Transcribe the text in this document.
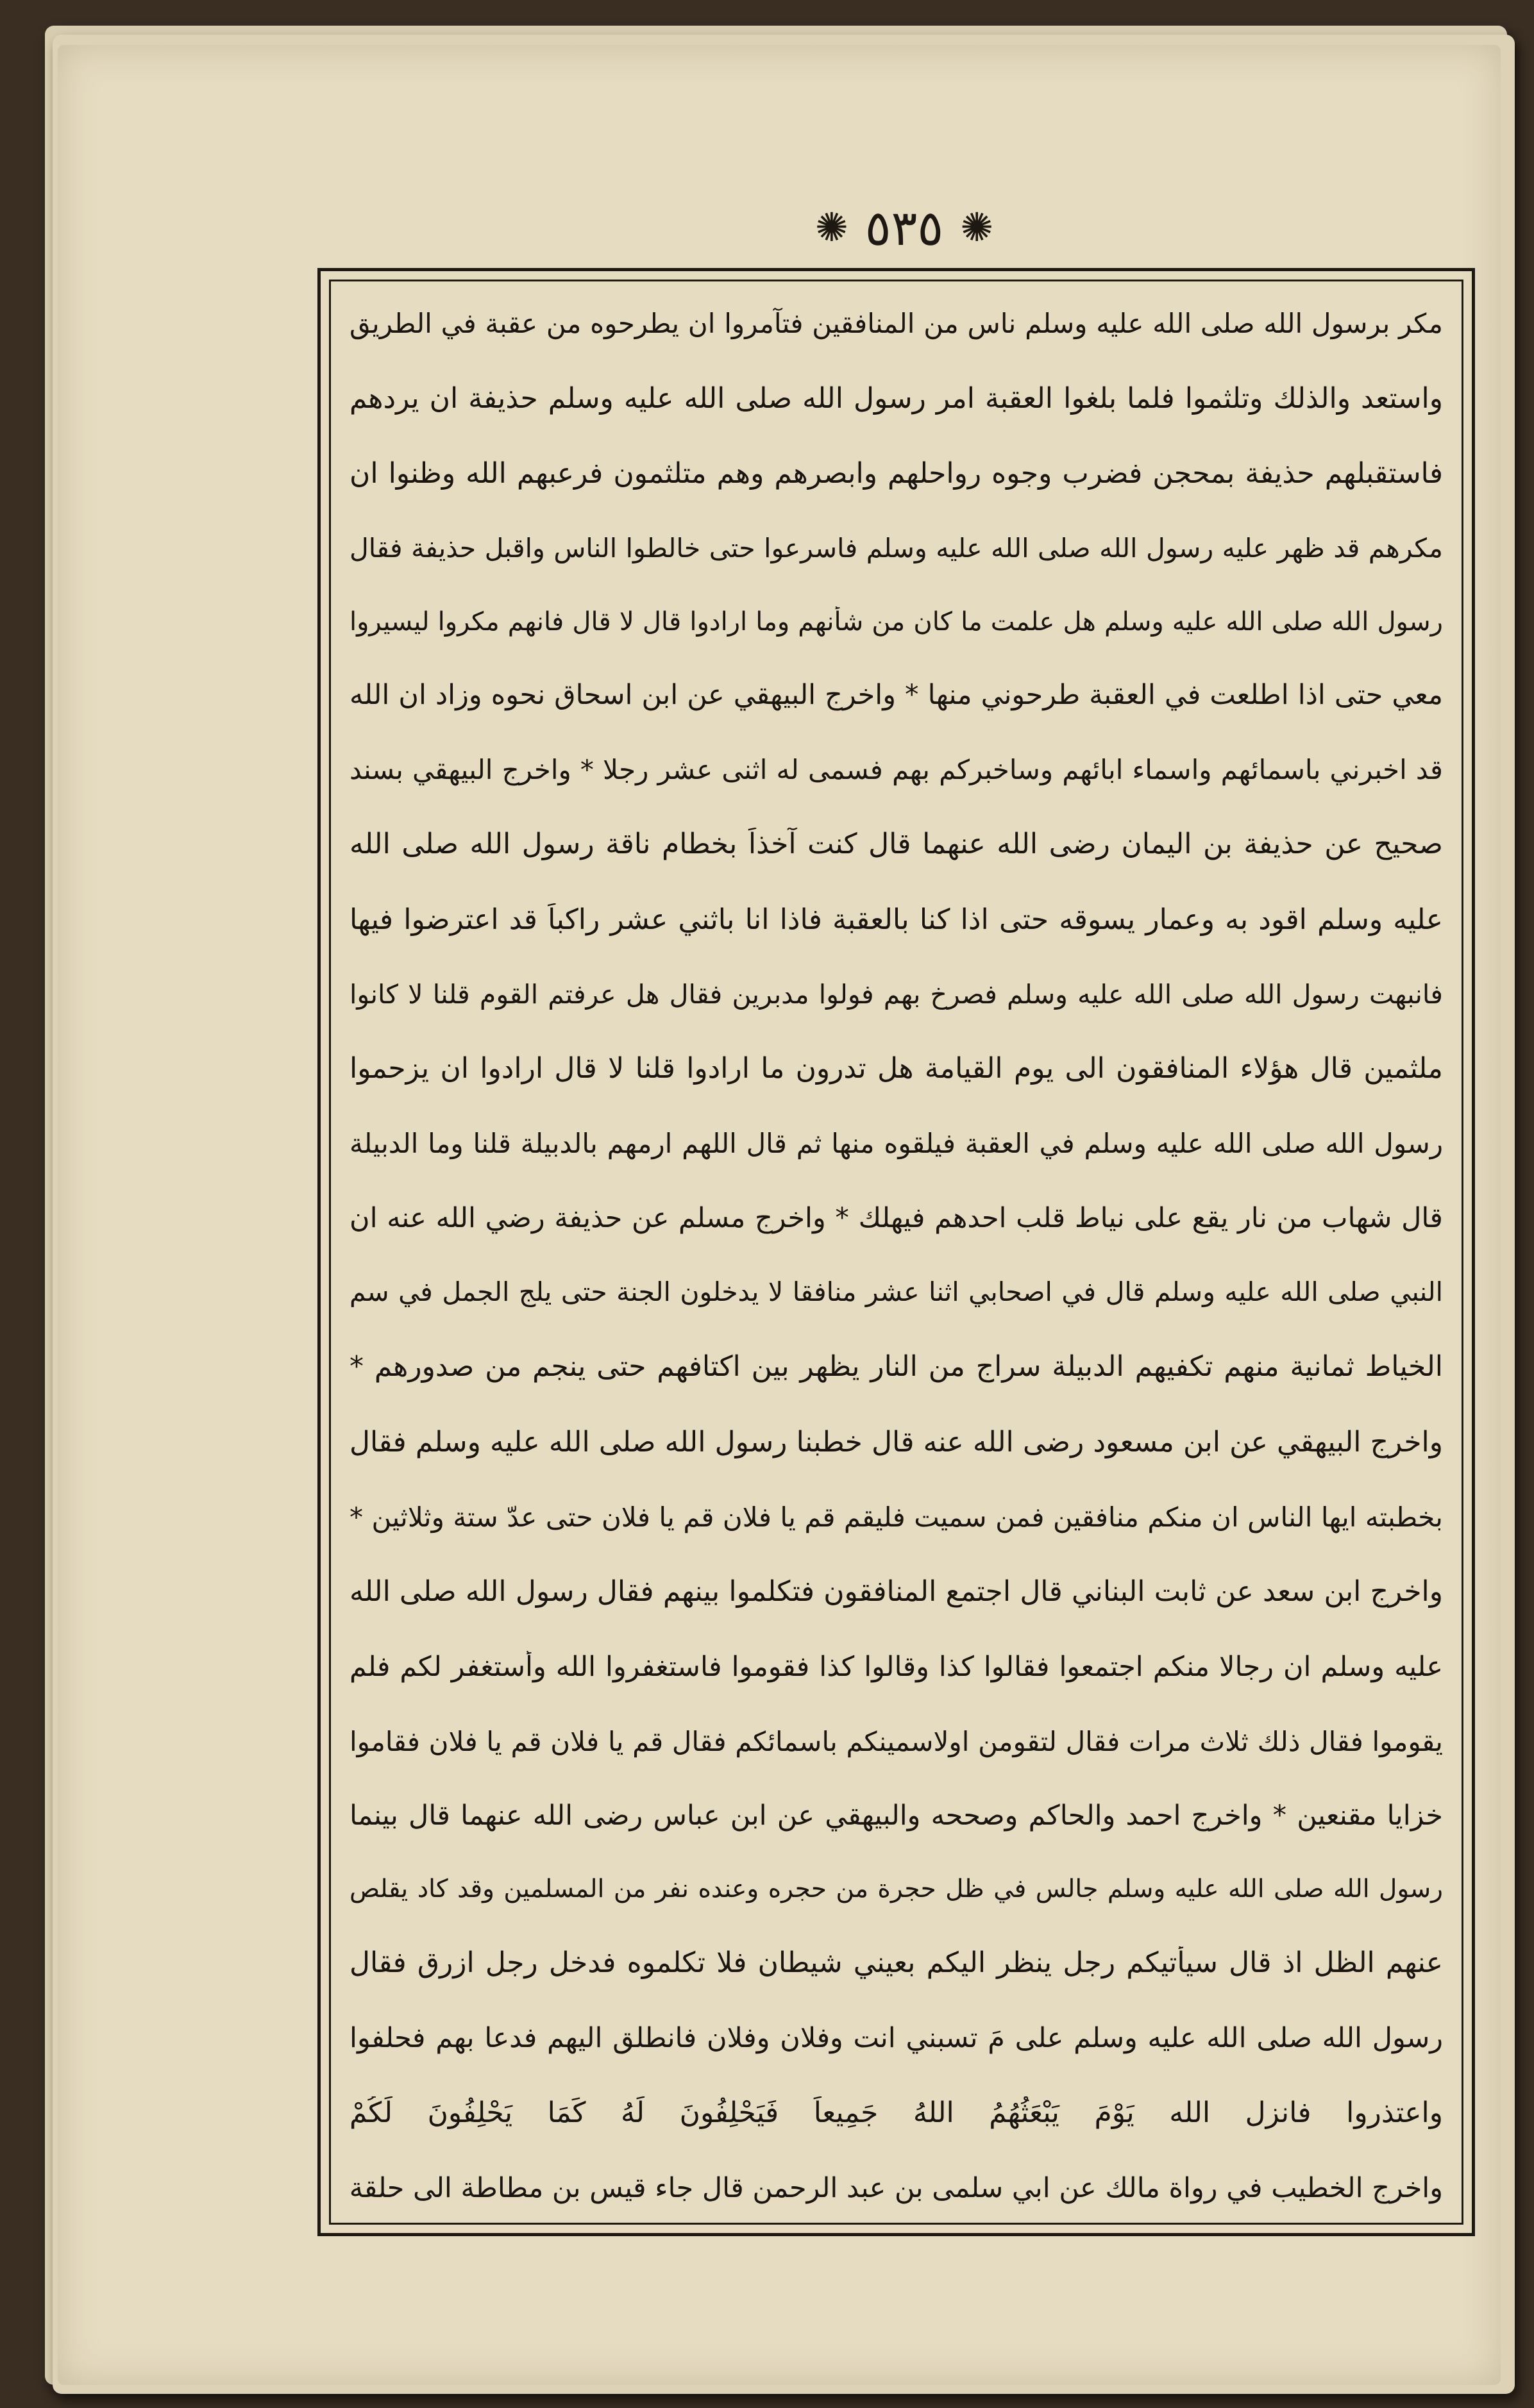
✺ ٥٣٥ ✺
مكر برسول الله صلى الله عليه وسلم ناس من المنافقين فتآمروا ان يطرحوه من عقبة في الطريق
واستعد والذلك وتلثموا فلما بلغوا العقبة امر رسول الله صلى الله عليه وسلم حذيفة ان يردهم
فاستقبلهم حذيفة بمحجن فضرب وجوه رواحلهم وابصرهم وهم متلثمون فرعبهم الله وظنوا ان
مكرهم قد ظهر عليه رسول الله صلى الله عليه وسلم فاسرعوا حتى خالطوا الناس واقبل حذيفة فقال
رسول الله صلى الله عليه وسلم هل علمت ما كان من شأنهم وما ارادوا قال لا قال فانهم مكروا ليسيروا
معي حتى اذا اطلعت في العقبة طرحوني منها * واخرج البيهقي عن ابن اسحاق نحوه وزاد ان الله
قد اخبرني باسمائهم واسماء ابائهم وساخبركم بهم فسمى له اثنى عشر رجلا * واخرج البيهقي بسند
صحيح عن حذيفة بن اليمان رضى الله عنهما قال كنت آخذاً بخطام ناقة رسول الله صلى الله
عليه وسلم اقود به وعمار يسوقه حتى اذا كنا بالعقبة فاذا انا باثني عشر راكباً قد اعترضوا فيها
فانبهت رسول الله صلى الله عليه وسلم فصرخ بهم فولوا مدبرين فقال هل عرفتم القوم قلنا لا كانوا
ملثمين قال هؤلاء المنافقون الى يوم القيامة هل تدرون ما ارادوا قلنا لا قال ارادوا ان يزحموا
رسول الله صلى الله عليه وسلم في العقبة فيلقوه منها ثم قال اللهم ارمهم بالدبيلة قلنا وما الدبيلة
قال شهاب من نار يقع على نياط قلب احدهم فيهلك * واخرج مسلم عن حذيفة رضي الله عنه ان
النبي صلى الله عليه وسلم قال في اصحابي اثنا عشر منافقا لا يدخلون الجنة حتى يلج الجمل في سم
الخياط ثمانية منهم تكفيهم الدبيلة سراج من النار يظهر بين اكتافهم حتى ينجم من صدورهم *
واخرج البيهقي عن ابن مسعود رضى الله عنه قال خطبنا رسول الله صلى الله عليه وسلم فقال
بخطبته ايها الناس ان منكم منافقين فمن سميت فليقم قم يا فلان قم يا فلان حتى عدّ ستة وثلاثين *
واخرج ابن سعد عن ثابت البناني قال اجتمع المنافقون فتكلموا بينهم فقال رسول الله صلى الله
عليه وسلم ان رجالا منكم اجتمعوا فقالوا كذا وقالوا كذا فقوموا فاستغفروا الله وأستغفر لكم فلم
يقوموا فقال ذلك ثلاث مرات فقال لتقومن اولاسمينكم باسمائكم فقال قم يا فلان قم يا فلان فقاموا
خزايا مقنعين * واخرج احمد والحاكم وصححه والبيهقي عن ابن عباس رضى الله عنهما قال بينما
رسول الله صلى الله عليه وسلم جالس في ظل حجرة من حجره وعنده نفر من المسلمين وقد كاد يقلص
عنهم الظل اذ قال سيأتيكم رجل ينظر اليكم بعيني شيطان فلا تكلموه فدخل رجل ازرق فقال
رسول الله صلى الله عليه وسلم على مَ تسبني انت وفلان وفلان فانطلق اليهم فدعا بهم فحلفوا
واعتذروا فانزل الله يَوْمَ يَبْعَثُهُمُ اللهُ جَمِيعاً فَيَحْلِفُونَ لَهُ كَمَا يَحْلِفُونَ لَكُمْ
واخرج الخطيب في رواة مالك عن ابي سلمى بن عبد الرحمن قال جاء قيس بن مطاطة الى حلقة
